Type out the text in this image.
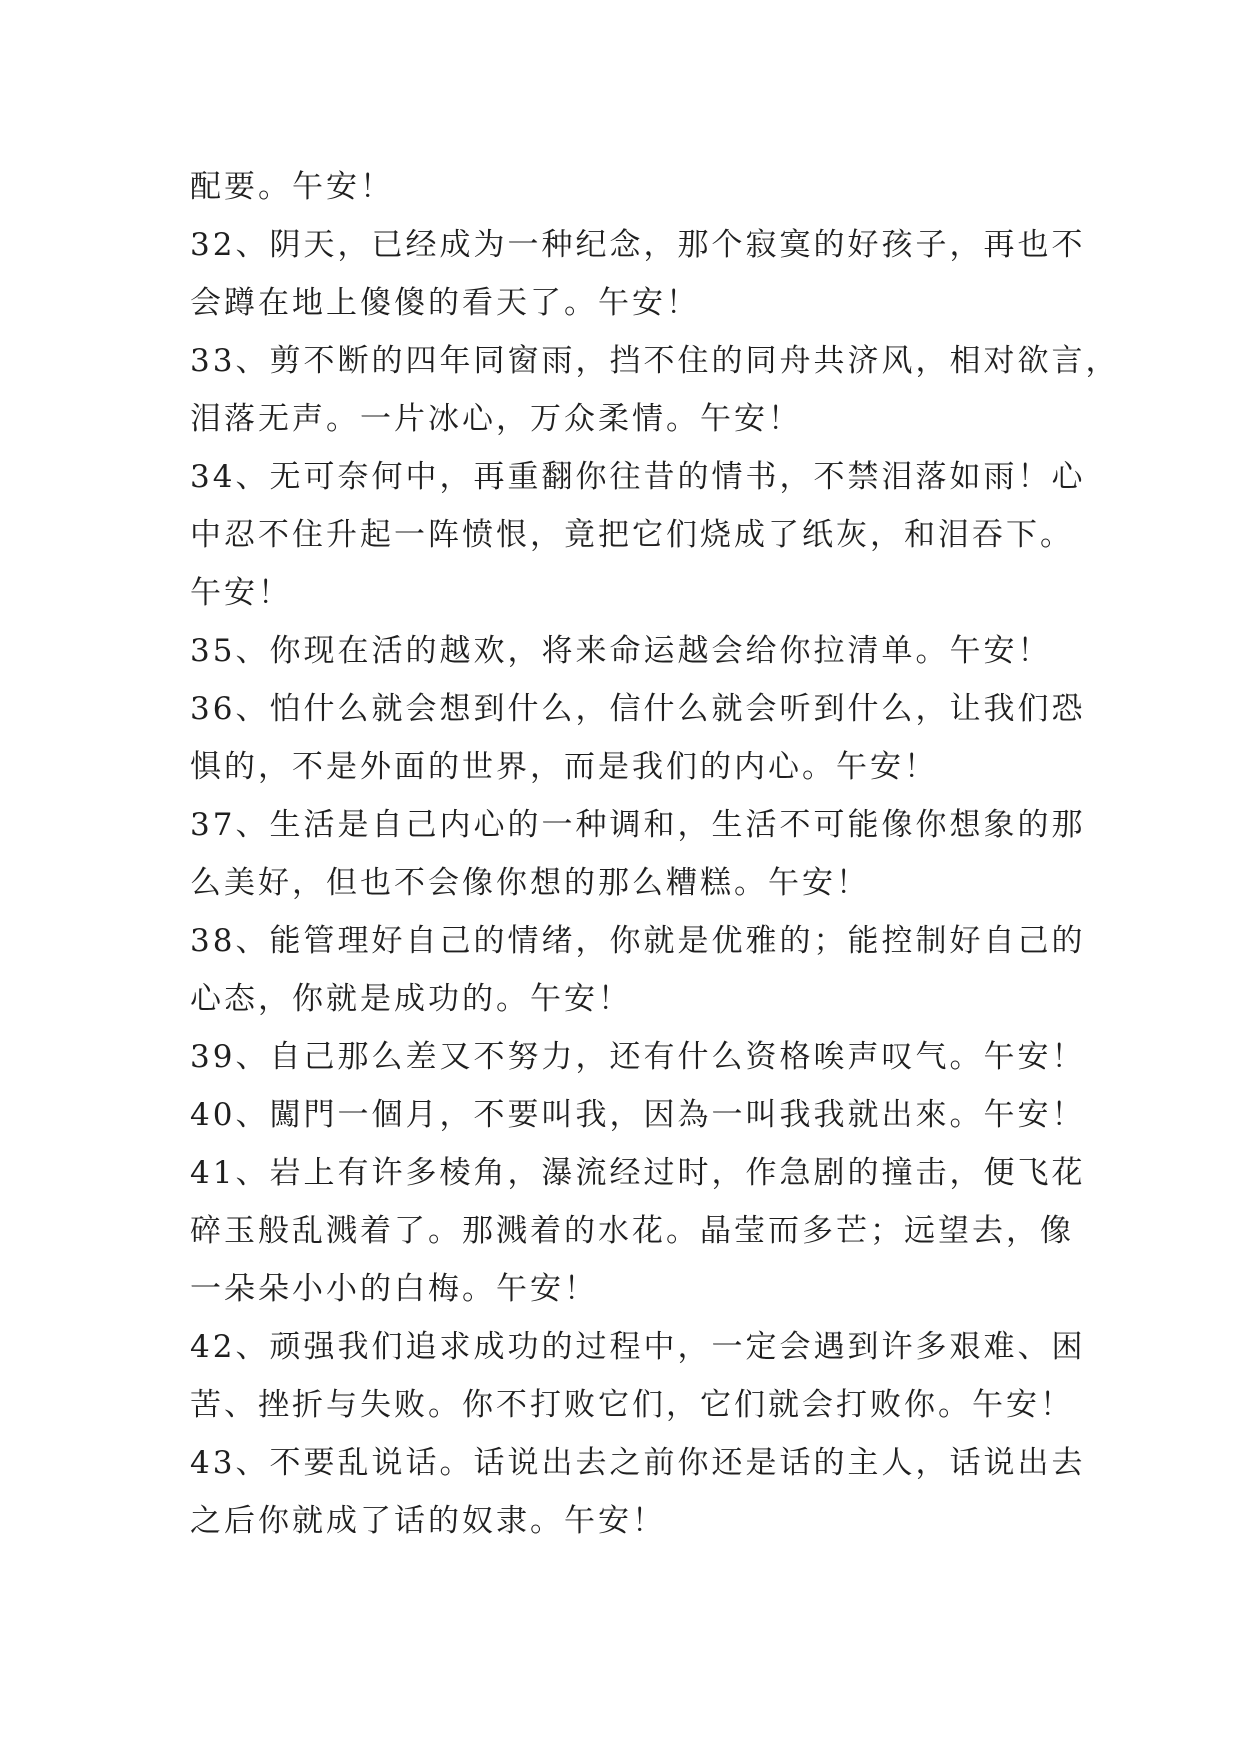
配要。午安！
32、阴天，已经成为一种纪念，那个寂寞的好孩子，再也不
会蹲在地上傻傻的看天了。午安！
33、剪不断的四年同窗雨，挡不住的同舟共济风，相对欲言，
泪落无声。一片冰心，万众柔情。午安！
34、无可奈何中，再重翻你往昔的情书，不禁泪落如雨！心
中忍不住升起一阵愤恨，竟把它们烧成了纸灰，和泪吞下。
午安！
35、你现在活的越欢，将来命运越会给你拉清单。午安！
36、怕什么就会想到什么，信什么就会听到什么，让我们恐
惧的，不是外面的世界，而是我们的内心。午安！
37、生活是自己内心的一种调和，生活不可能像你想象的那
么美好，但也不会像你想的那么糟糕。午安！
38、能管理好自己的情绪，你就是优雅的；能控制好自己的
心态，你就是成功的。午安！
39、自己那么差又不努力，还有什么资格唉声叹气。午安！
40、闖門一個月，不要叫我，因為一叫我我就出來。午安！
41、岩上有许多棱角，瀑流经过时，作急剧的撞击，便飞花
碎玉般乱溅着了。那溅着的水花。晶莹而多芒；远望去，像
一朵朵小小的白梅。午安！
42、顽强我们追求成功的过程中，一定会遇到许多艰难、困
苦、挫折与失败。你不打败它们，它们就会打败你。午安！
43、不要乱说话。话说出去之前你还是话的主人，话说出去
之后你就成了话的奴隶。午安！
